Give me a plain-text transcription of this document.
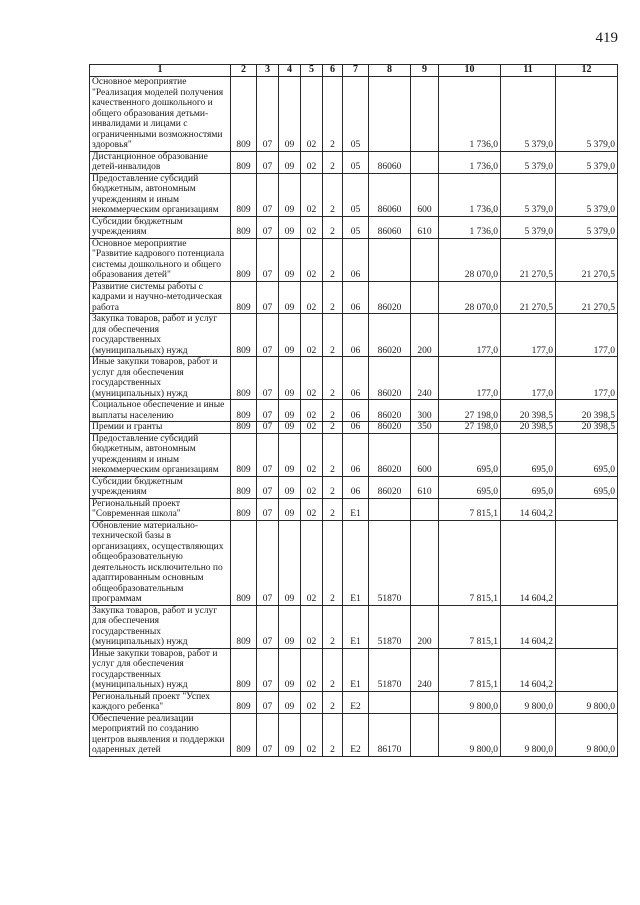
419
1	2	3	4	5	6	7	8	9	10	11	12
Основное мероприятие "Реализация моделей получения качественного дошкольного и общего образования детьми-инвалидами и лицами с ограниченными возможностями здоровья"	809	07	09	02	2	05			1 736,0	5 379,0	5 379,0
Дистанционное образование детей-инвалидов	809	07	09	02	2	05	86060		1 736,0	5 379,0	5 379,0
Предоставление субсидий бюджетным, автономным учреждениям и иным некоммерческим организациям	809	07	09	02	2	05	86060	600	1 736,0	5 379,0	5 379,0
Субсидии бюджетным учреждениям	809	07	09	02	2	05	86060	610	1 736,0	5 379,0	5 379,0
Основное мероприятие "Развитие кадрового потенциала системы дошкольного и общего образования детей"	809	07	09	02	2	06			28 070,0	21 270,5	21 270,5
Развитие системы работы с кадрами и научно-методическая работа	809	07	09	02	2	06	86020		28 070,0	21 270,5	21 270,5
Закупка товаров, работ и услуг для обеспечения государственных (муниципальных) нужд	809	07	09	02	2	06	86020	200	177,0	177,0	177,0
Иные закупки товаров, работ и услуг для обеспечения государственных (муниципальных) нужд	809	07	09	02	2	06	86020	240	177,0	177,0	177,0
Социальное обеспечение и иные выплаты населению	809	07	09	02	2	06	86020	300	27 198,0	20 398,5	20 398,5
Премии и гранты	809	07	09	02	2	06	86020	350	27 198,0	20 398,5	20 398,5
Предоставление субсидий бюджетным, автономным учреждениям и иным некоммерческим организациям	809	07	09	02	2	06	86020	600	695,0	695,0	695,0
Субсидии бюджетным учреждениям	809	07	09	02	2	06	86020	610	695,0	695,0	695,0
Региональный проект "Современная школа"	809	07	09	02	2	E1			7 815,1	14 604,2	
Обновление материально-технической базы в организациях, осуществляющих общеобразовательную деятельность исключительно по адаптированным основным общеобразовательным программам	809	07	09	02	2	E1	51870		7 815,1	14 604,2	
Закупка товаров, работ и услуг для обеспечения государственных (муниципальных) нужд	809	07	09	02	2	E1	51870	200	7 815,1	14 604,2	
Иные закупки товаров, работ и услуг для обеспечения государственных (муниципальных) нужд	809	07	09	02	2	E1	51870	240	7 815,1	14 604,2	
Региональный проект "Успех каждого ребенка"	809	07	09	02	2	E2			9 800,0	9 800,0	9 800,0
Обеспечение реализации мероприятий по созданию центров выявления и поддержки одаренных детей	809	07	09	02	2	E2	86170		9 800,0	9 800,0	9 800,0
